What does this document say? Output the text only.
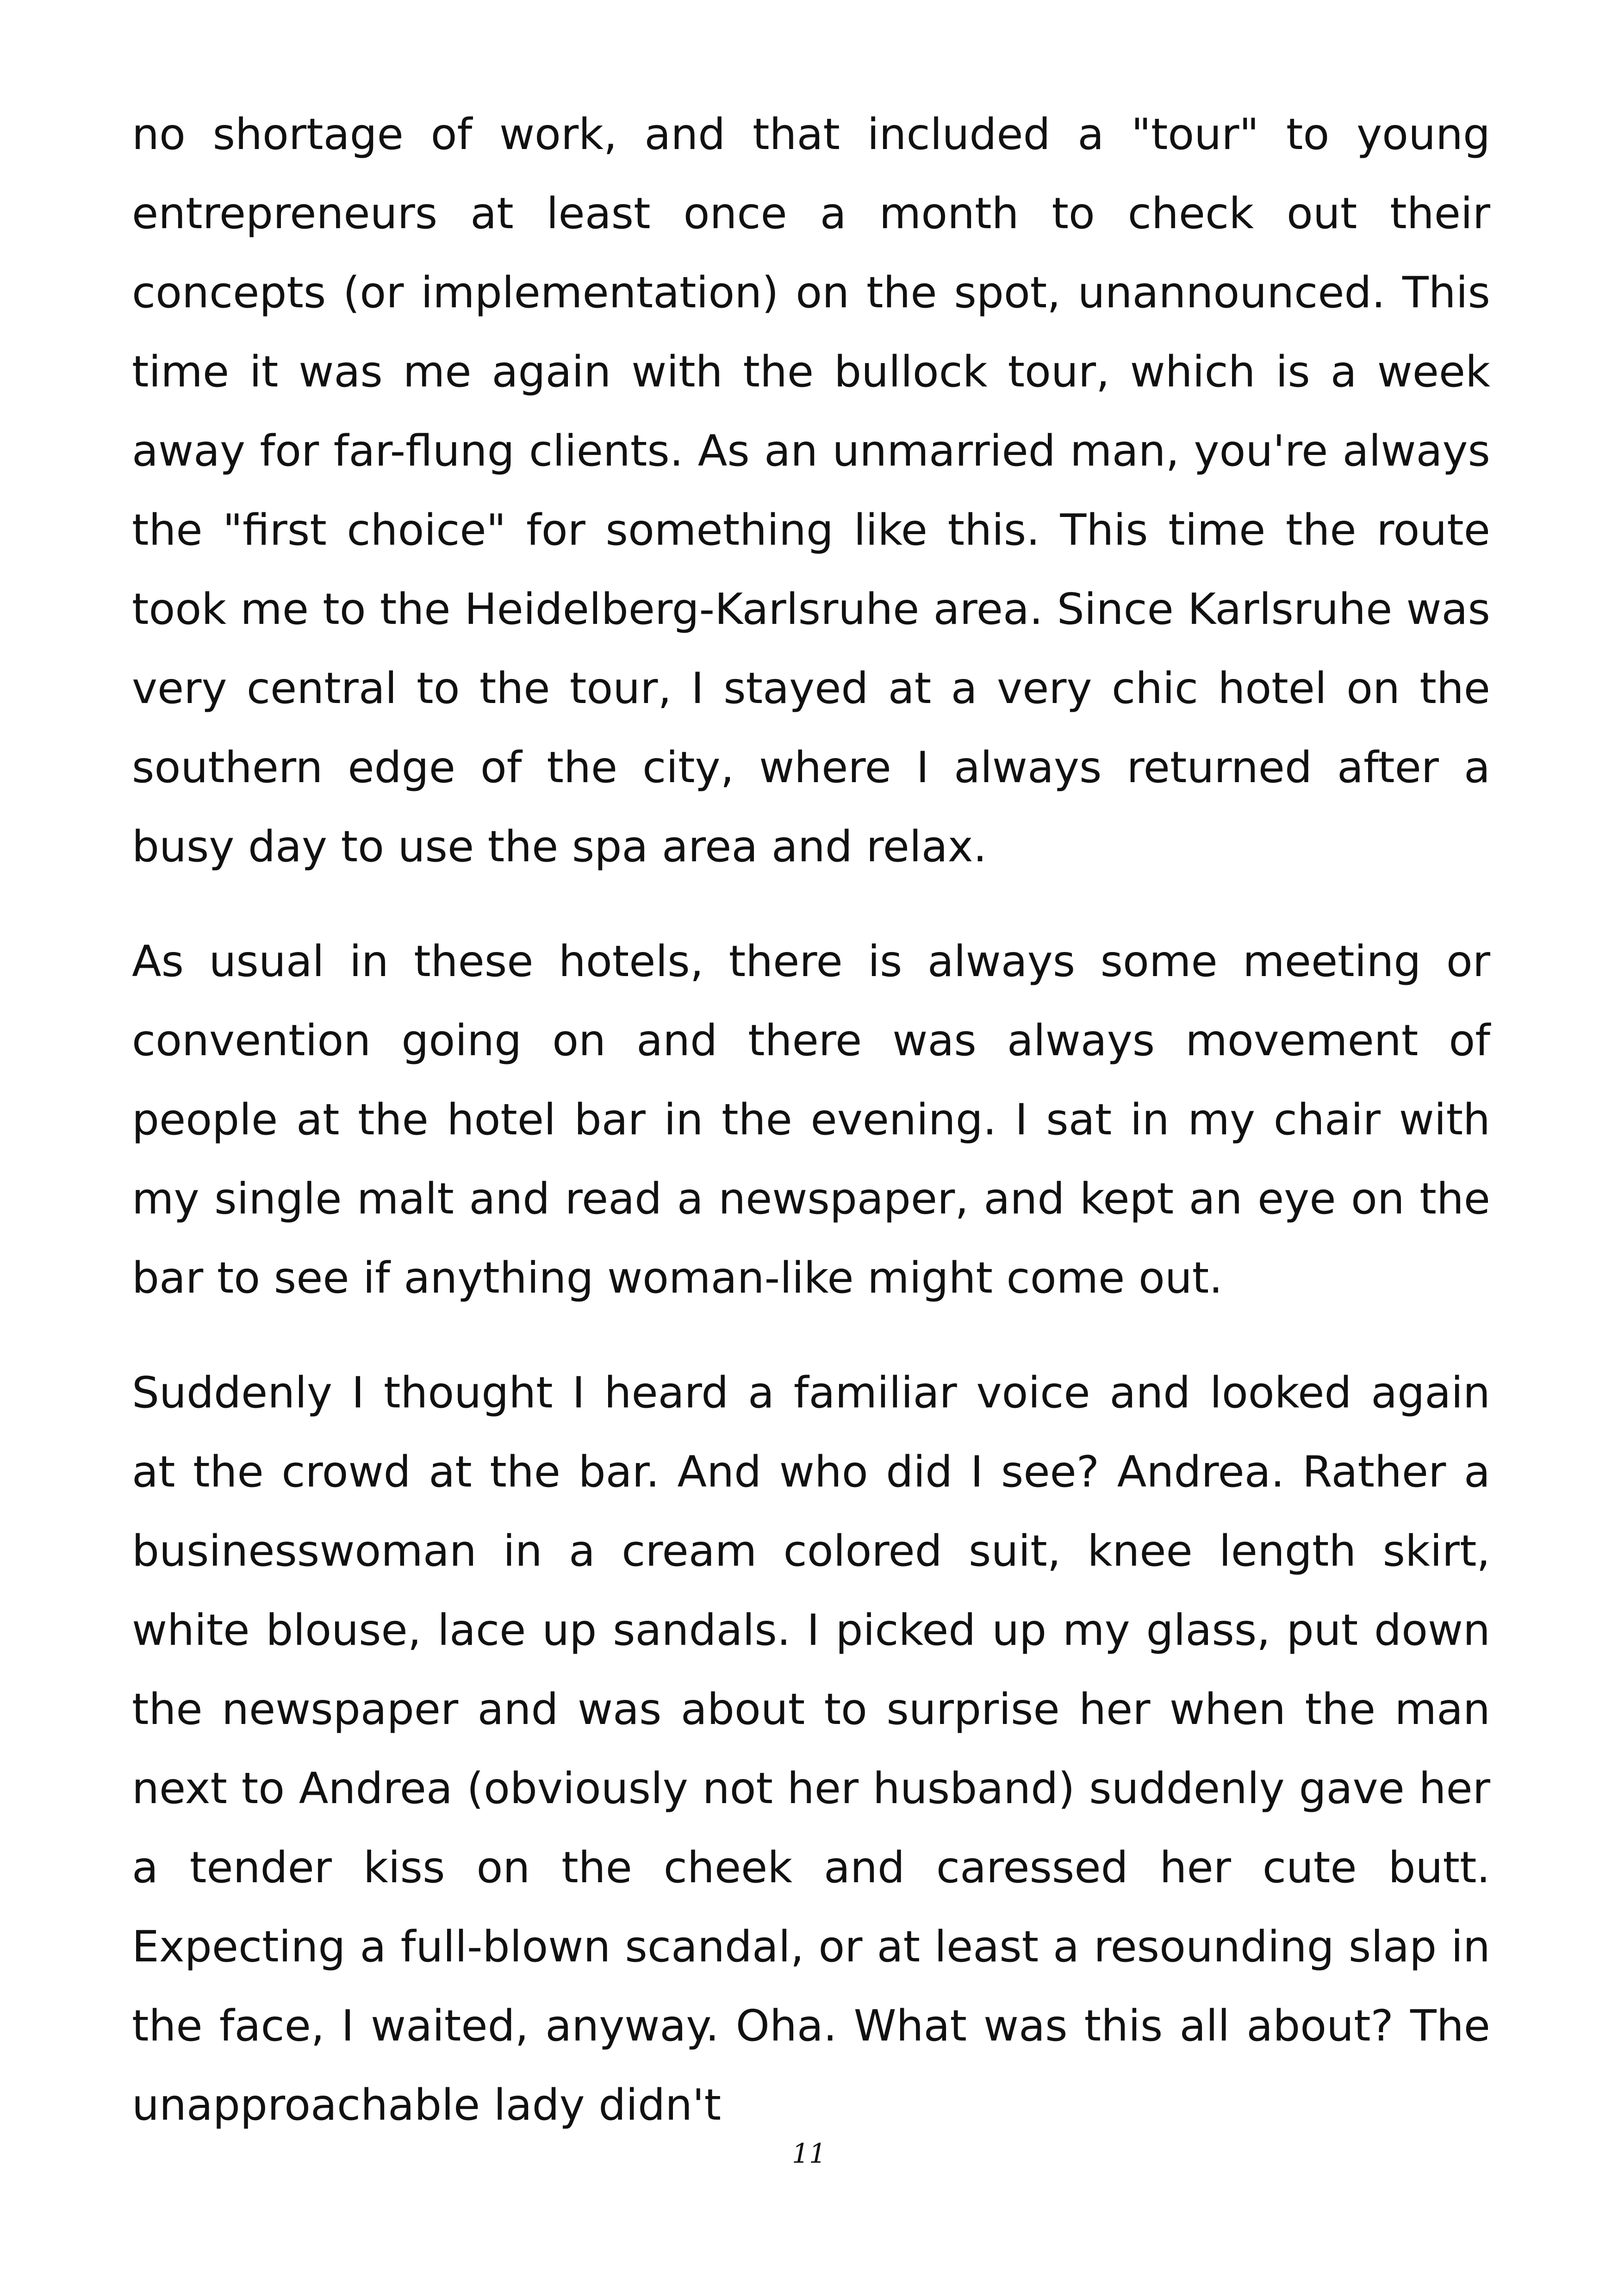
no shortage of work, and that included a "tour" to young entrepreneurs at least once a month to check out their concepts (or implementation) on the spot, unannounced. This time it was me again with the bullock tour, which is a week away for far-flung clients. As an unmarried man, you're always the "first choice" for something like this. This time the route took me to the Heidelberg-Karlsruhe area. Since Karlsruhe was very central to the tour, I stayed at a very chic hotel on the southern edge of the city, where I always returned after a busy day to use the spa area and relax.

As usual in these hotels, there is always some meeting or convention going on and there was always movement of people at the hotel bar in the evening. I sat in my chair with my single malt and read a newspaper, and kept an eye on the bar to see if anything woman-like might come out.

Suddenly I thought I heard a familiar voice and looked again at the crowd at the bar. And who did I see? Andrea. Rather a businesswoman in a cream colored suit, knee length skirt, white blouse, lace up sandals. I picked up my glass, put down the newspaper and was about to surprise her when the man next to Andrea (obviously not her husband) suddenly gave her a tender kiss on the cheek and caressed her cute butt. Expecting a full-blown scandal, or at least a resounding slap in the face, I waited, anyway. Oha. What was this all about? The unapproachable lady didn't

11
